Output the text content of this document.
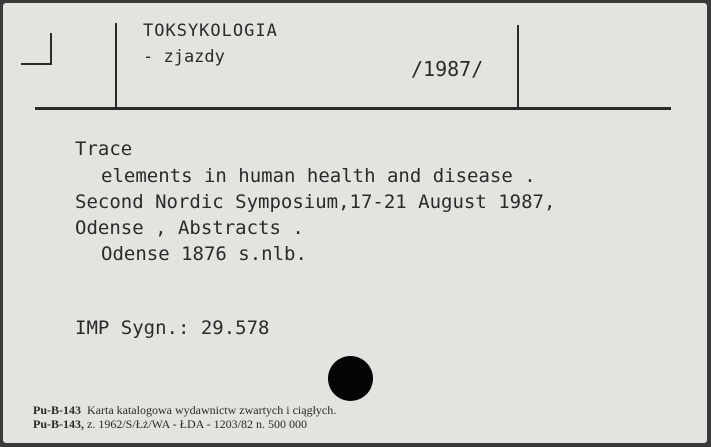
TOKSYKOLOGIA
- zjazdy	/1987/
Trace
elements in human health and disease .
Second Nordic Symposium,17-21 August 1987,
Odense , Abstracts .
Odense 1876 s.nlb.
IMP Sygn.: 29.578
Pu-B-143 Karta katalogowa wydawnictw zwartych i ciągłych.
Pu-B-143, z. 1962/S/Łż/WA - ŁDA - 1203/82 n. 500 000
